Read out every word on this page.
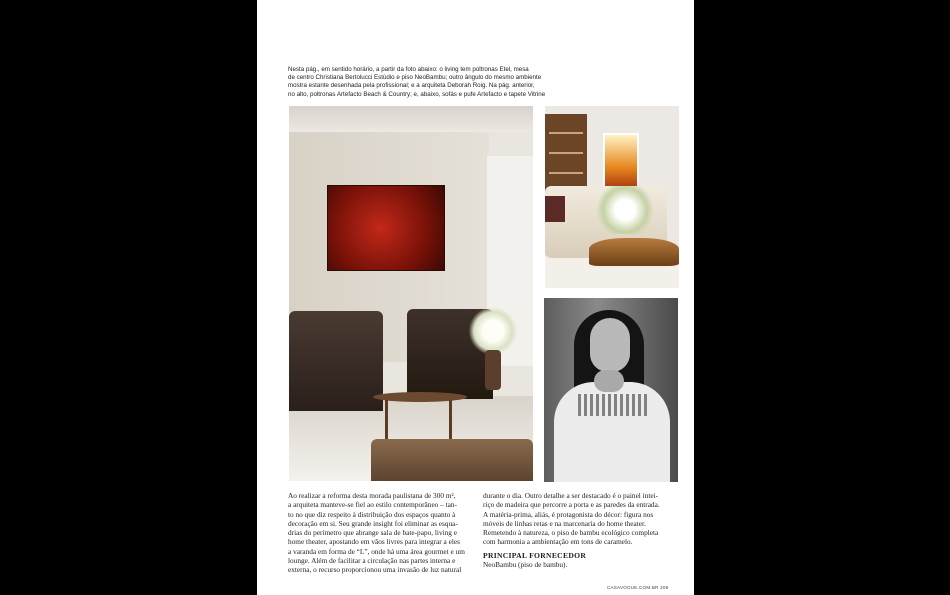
Nesta pág., em sentido horário, a partir da foto abaixo: o living tem poltronas Etel, mesa
de centro Christiana Bertolucci Estúdio e piso NeoBambu; outro ângulo do mesmo ambiente
mostra estante desenhada pela profissional; e a arquiteta Deborah Roig. Na pág. anterior,
no alto, poltronas Artefacto Beach & Country; e, abaixo, sofás e pufe Artefacto e tapete Vitrine
Ao realizar a reforma desta morada paulistana de 300 m²,
a arquiteta manteve-se fiel ao estilo contemporâneo – tan-
to no que diz respeito à distribuição dos espaços quanto à
decoração em si. Seu grande insight foi eliminar as esqua-
drias do perímetro que abrange sala de bate-papo, living e
home theater, apostando em vãos livres para integrar a eles
a varanda em forma de “L”, onde há uma área gourmet e um
lounge. Além de facilitar a circulação nas partes interna e
externa, o recurso proporcionou uma invasão de luz natural
durante o dia. Outro detalhe a ser destacado é o painel intei-
riço de madeira que percorre a porta e as paredes da entrada.
A matéria-prima, aliás, é protagonista do décor: figura nos
móveis de linhas retas e na marcenaria do home theater.
Remetendo à natureza, o piso de bambu ecológico completa
com harmonia a ambientação em tons de caramelo.
PRINCIPAL FORNECEDOR
NeoBambu (piso de bambu).
CASAVOGUE.COM.BR 209
